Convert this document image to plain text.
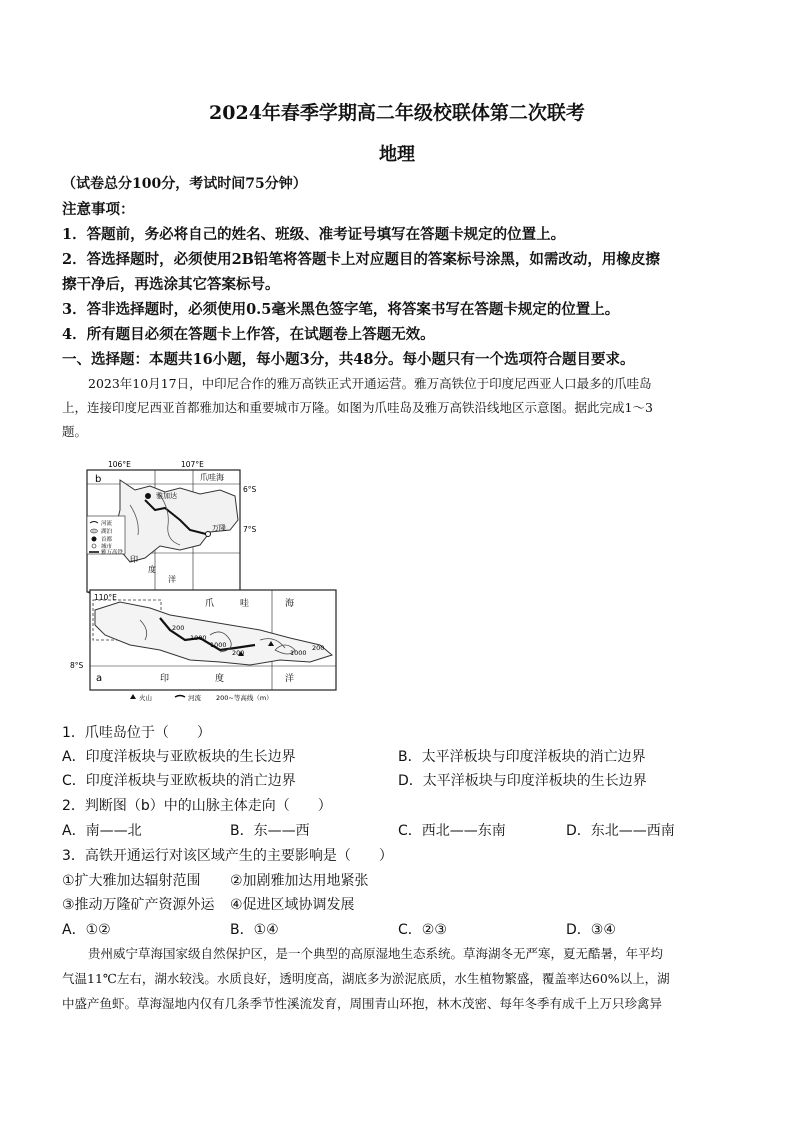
2024年春季学期高二年级校联体第二次联考
地理
（试卷总分100分，考试时间75分钟）
注意事项：
1．答题前，务必将自己的姓名、班级、准考证号填写在答题卡规定的位置上。
2．答选择题时，必须使用2B铅笔将答题卡上对应题目的答案标号涂黑，如需改动，用橡皮擦
擦干净后，再选涂其它答案标号。
3．答非选择题时，必须使用0.5毫米黑色签字笔，将答案书写在答题卡规定的位置上。
4．所有题目必须在答题卡上作答，在试题卷上答题无效。
一、选择题：本题共16小题，每小题3分，共48分。每小题只有一个选项符合题目要求。
2023年10月17日，中印尼合作的雅万高铁正式开通运营。雅万高铁位于印度尼西亚人口最多的爪哇岛
上，连接印度尼西亚首都雅加达和重要城市万隆。如图为爪哇岛及雅万高铁沿线地区示意图。据此完成1～3
题。
b
106°E	107°E
6°S
7°S
爪哇海
雅加达
万隆
印
度
洋
河流
湖泊
首都
城市
雅万高铁
110°E
8°S
爪	哇	海
200
1000
1000
200	1000
200
a	印	度	洋
火山	河流 200~等高线（m）
1．爪哇岛位于（　　）
A．印度洋板块与亚欧板块的生长边界	B．太平洋板块与印度洋板块的消亡边界
C．印度洋板块与亚欧板块的消亡边界	D．太平洋板块与印度洋板块的生长边界
2．判断图（b）中的山脉主体走向（　　）
A．南——北	B．东——西	C．西北——东南	D．东北——西南
3．高铁开通运行对该区域产生的主要影响是（　　）
①扩大雅加达辐射范围 ②加剧雅加达用地紧张
③推动万隆矿产资源外运 ④促进区域协调发展
A．①②	B．①④	C．②③	D．③④
贵州威宁草海国家级自然保护区，是一个典型的高原湿地生态系统。草海湖冬无严寒，夏无酷暑，年平均
气温11℃左右，湖水较浅。水质良好，透明度高，湖底多为淤泥底质，水生植物繁盛，覆盖率达60%以上，湖
中盛产鱼虾。草海湿地内仅有几条季节性溪流发育，周围青山环抱，林木茂密、每年冬季有成千上万只珍禽异
